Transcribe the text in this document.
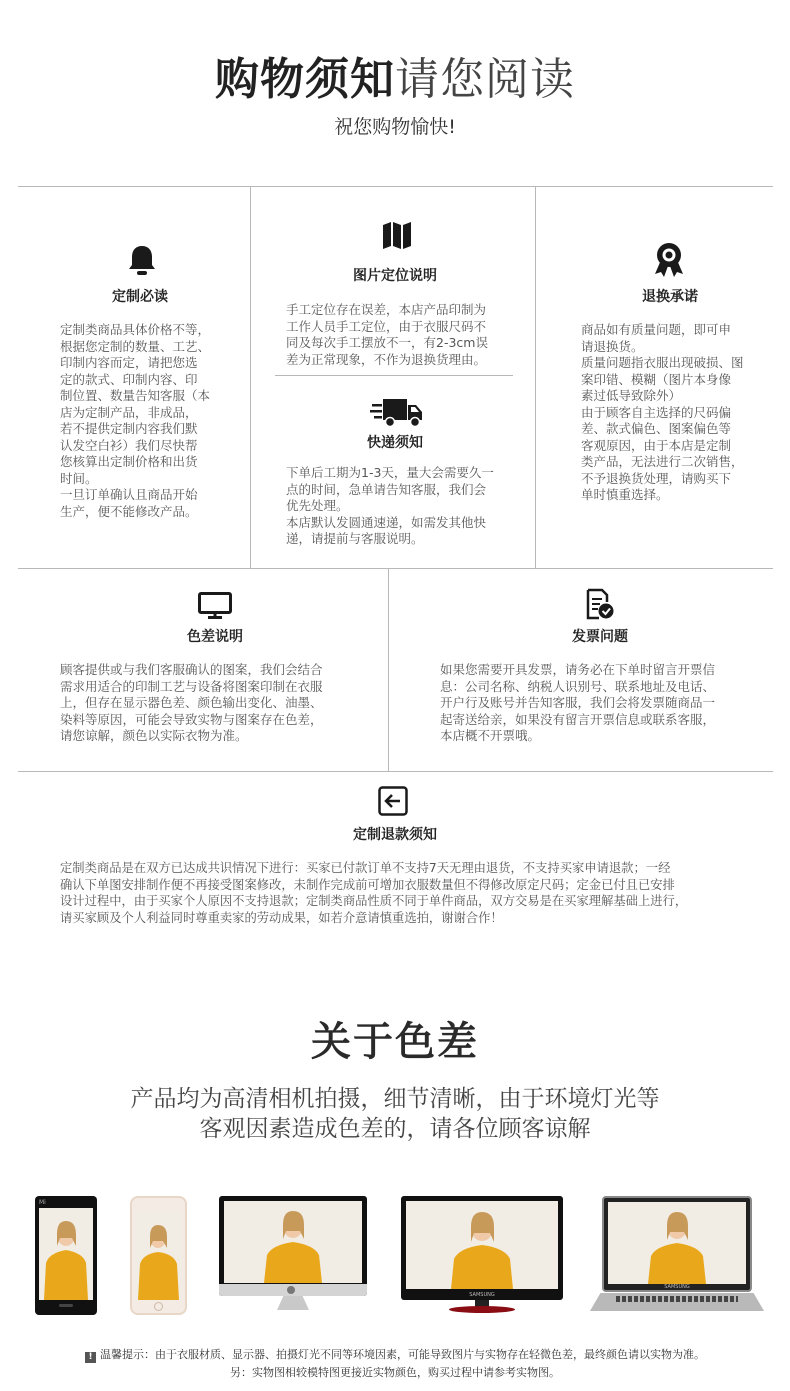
购物须知请您阅读
祝您购物愉快!
定制必读
定制类商品具体价格不等，
根据您定制的数量、工艺、
印制内容而定，请把您选
定的款式、印制内容、印
制位置、数量告知客服（本
店为定制产品，非成品，
若不提供定制内容我们默
认发空白衫）我们尽快帮
您核算出定制价格和出货
时间。
一旦订单确认且商品开始
生产，便不能修改产品。
图片定位说明
手工定位存在误差，本店产品印制为
工作人员手工定位，由于衣服尺码不
同及每次手工摆放不一，有2-3cm误
差为正常现象，不作为退换货理由。
快递须知
下单后工期为1-3天，量大会需要久一
点的时间，急单请告知客服，我们会
优先处理。
本店默认发圆通速递，如需发其他快
递，请提前与客服说明。
退换承诺
商品如有质量问题，即可申
请退换货。
质量问题指衣服出现破损、图
案印错、模糊（图片本身像
素过低导致除外）
由于顾客自主选择的尺码偏
差、款式偏色、图案偏色等
客观原因，由于本店是定制
类产品，无法进行二次销售，
不予退换货处理，请购买下
单时慎重选择。
色差说明
顾客提供或与我们客服确认的图案，我们会结合
需求用适合的印制工艺与设备将图案印制在衣服
上，但存在显示器色差、颜色输出变化、油墨、
染料等原因，可能会导致实物与图案存在色差，
请您谅解，颜色以实际衣物为准。
发票问题
如果您需要开具发票，请务必在下单时留言开票信
息：公司名称、纳税人识别号、联系地址及电话、
开户行及账号并告知客服，我们会将发票随商品一
起寄送给亲，如果没有留言开票信息或联系客服，
本店概不开票哦。
定制退款须知
定制类商品是在双方已达成共识情况下进行：买家已付款订单不支持7天无理由退货，不支持买家申请退款；一经
确认下单图安排制作便不再接受图案修改，未制作完成前可增加衣服数量但不得修改原定尺码；定金已付且已安排
设计过程中，由于买家个人原因不支持退款；定制类商品性质不同于单件商品，双方交易是在买家理解基础上进行，
请买家顾及个人利益同时尊重卖家的劳动成果，如若介意请慎重选拍，谢谢合作！
关于色差
产品均为高清相机拍摄，细节清晰，由于环境灯光等
客观因素造成色差的，请各位顾客谅解
Mi
SAMSUNG
SAMSUNG
! 温馨提示：由于衣服材质、显示器、拍摄灯光不同等环境因素，可能导致图片与实物存在轻微色差，最终颜色请以实物为准。
另：实物图相较模特图更接近实物颜色，购买过程中请参考实物图。
